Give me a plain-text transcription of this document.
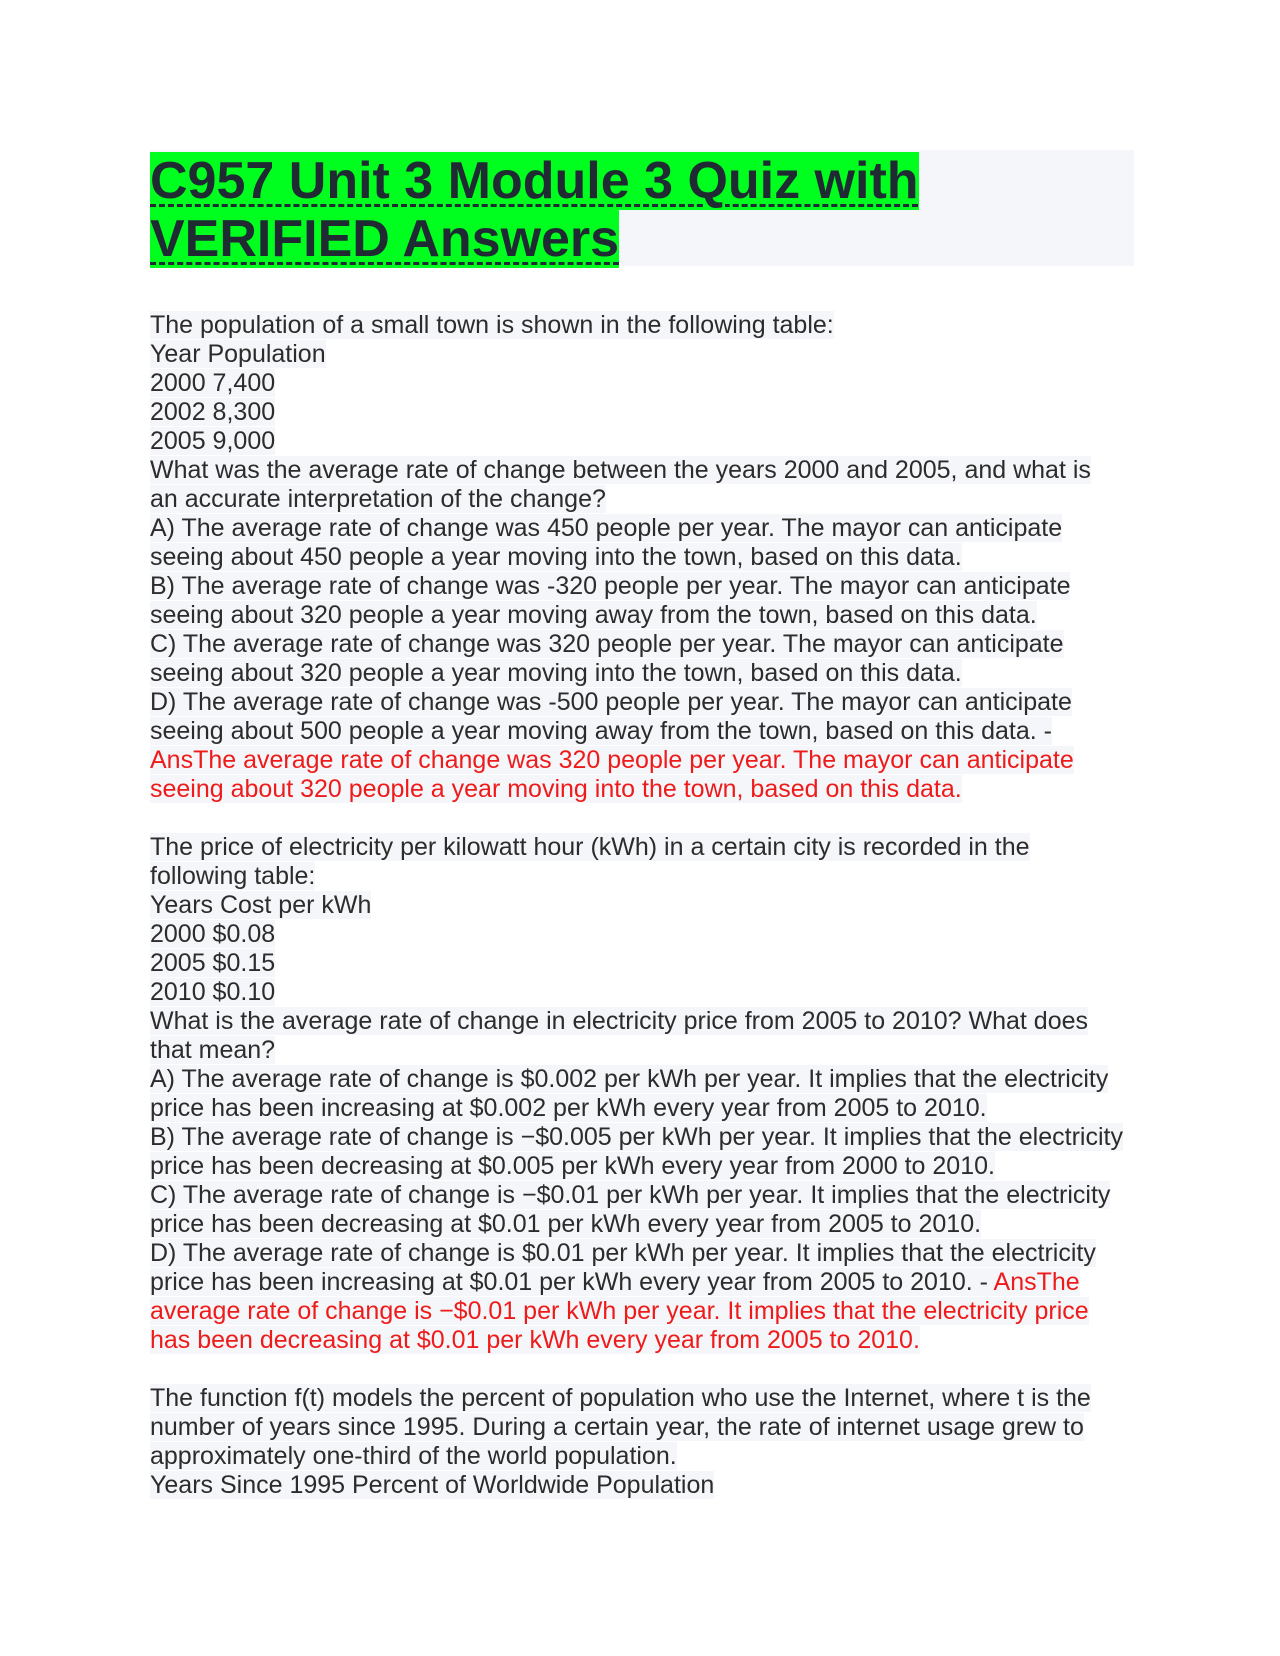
C957 Unit 3 Module 3 Quiz with
VERIFIED Answers
The population of a small town is shown in the following table:
Year Population
2000 7,400
2002 8,300
2005 9,000
What was the average rate of change between the years 2000 and 2005, and what is
an accurate interpretation of the change?
A) The average rate of change was 450 people per year. The mayor can anticipate
seeing about 450 people a year moving into the town, based on this data.
B) The average rate of change was -320 people per year. The mayor can anticipate
seeing about 320 people a year moving away from the town, based on this data.
C) The average rate of change was 320 people per year. The mayor can anticipate
seeing about 320 people a year moving into the town, based on this data.
D) The average rate of change was -500 people per year. The mayor can anticipate
seeing about 500 people a year moving away from the town, based on this data. -
AnsThe average rate of change was 320 people per year. The mayor can anticipate
seeing about 320 people a year moving into the town, based on this data.
The price of electricity per kilowatt hour (kWh) in a certain city is recorded in the
following table:
Years Cost per kWh
2000 $0.08
2005 $0.15
2010 $0.10
What is the average rate of change in electricity price from 2005 to 2010? What does
that mean?
A) The average rate of change is $0.002 per kWh per year. It implies that the electricity
price has been increasing at $0.002 per kWh every year from 2005 to 2010.
B) The average rate of change is −$0.005 per kWh per year. It implies that the electricity
price has been decreasing at $0.005 per kWh every year from 2000 to 2010.
C) The average rate of change is −$0.01 per kWh per year. It implies that the electricity
price has been decreasing at $0.01 per kWh every year from 2005 to 2010.
D) The average rate of change is $0.01 per kWh per year. It implies that the electricity
price has been increasing at $0.01 per kWh every year from 2005 to 2010. - AnsThe
average rate of change is −$0.01 per kWh per year. It implies that the electricity price
has been decreasing at $0.01 per kWh every year from 2005 to 2010.
The function f(t) models the percent of population who use the Internet, where t is the
number of years since 1995. During a certain year, the rate of internet usage grew to
approximately one-third of the world population.
Years Since 1995 Percent of Worldwide Population
